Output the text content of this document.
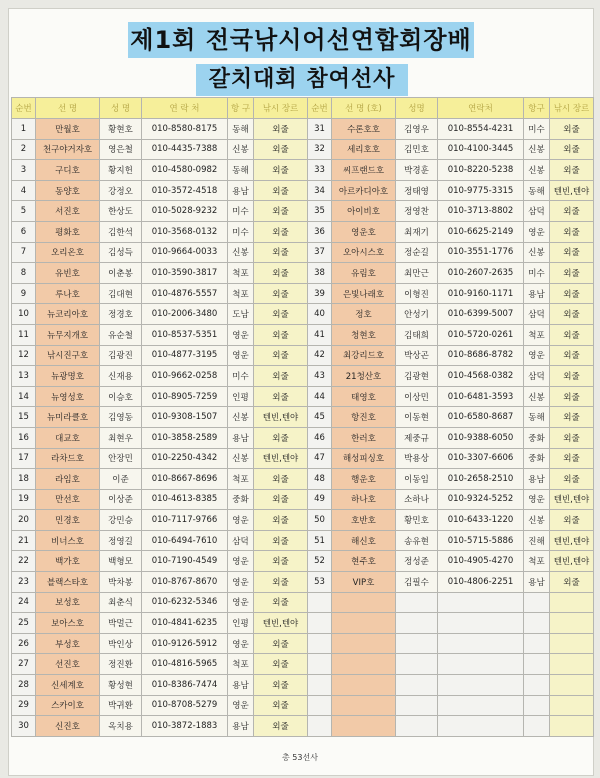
제1회 전국낚시어선연합회장배
갈치대회 참여선사
순번	선 명	성 명	연 락 처	항 구	낚시 장르	순번	선 명 (호)	성명	연락처	항구	낚시 장르
1	만월호	황현호	010-8580-8175	동해	외줄	31	수론호호	김영우	010-8554-4231	미수	외줄
2	천구야거자호	영은철	010-4435-7388	신봉	외줄	32	세리호호	김민호	010-4100-3445	신봉	외줄
3	구디호	황지헌	010-4580-0982	동해	외줄	33	씨프랜드호	박경훈	010-8220-5238	신봉	외줄
4	동양호	강정오	010-3572-4518	용남	외줄	34	아르카디아호	정태영	010-9775-3315	동해	텐빈,텐야
5	서진호	한상도	010-5028-9232	미수	외줄	35	아이비호	정영찬	010-3713-8802	삼덕	외줄
6	평화호	김한석	010-3568-0132	미수	외줄	36	영운호	최재기	010-6625-2149	영운	외줄
7	오리온호	김성득	010-9664-0033	신봉	외줄	37	오아시스호	정순길	010-3551-1776	신봉	외줄
8	유빈호	이춘봉	010-3590-3817	척포	외줄	38	유림호	최만근	010-2607-2635	미수	외줄
9	루나호	김대현	010-4876-5557	척포	외줄	39	은빛나래호	이형진	010-9160-1171	용남	외줄
10	뉴코리아호	정경호	010-2006-3480	도남	외줄	40	정호	안성기	010-6399-5007	삼덕	외줄
11	뉴무지개호	유순철	010-8537-5351	영운	외줄	41	청현호	김태희	010-5720-0261	척포	외줄
12	낚시진구호	김광진	010-4877-3195	영운	외줄	42	최강리드호	박상곤	010-8686-8782	영운	외줄
13	뉴광명호	신재용	010-9662-0258	미수	외줄	43	21청산호	김광현	010-4568-0382	삼덕	외줄
14	뉴영성호	이승호	010-8905-7259	인평	외줄	44	태영호	이상민	010-6481-3593	신봉	외줄
15	뉴미라클호	김영동	010-9308-1507	신봉	텐빈,텐야	45	항진호	이동현	010-6580-8687	동해	외줄
16	대교호	최현우	010-3858-2589	용남	외줄	46	한러호	제중규	010-9388-6050	중화	외줄
17	라차드호	안장민	010-2250-4342	신봉	텐빈,텐야	47	해성피싱호	박용상	010-3307-6606	중화	외줄
18	라임호	이준	010-8667-8696	척포	외줄	48	행운호	이동임	010-2658-2510	용남	외줄
19	만선호	이상준	010-4613-8385	중화	외줄	49	하나호	소하나	010-9324-5252	영운	텐빈,텐야
20	민경호	강민승	010-7117-9766	영운	외줄	50	호반호	황민호	010-6433-1220	신봉	외줄
21	비너스호	정영길	010-6494-7610	삼덕	외줄	51	해신호	송유현	010-5715-5886	진해	텐빈,텐야
22	백가호	백형모	010-7190-4549	영운	외줄	52	현주호	정성준	010-4905-4270	척포	텐빈,텐야
23	블랙스타호	박차봉	010-8767-8670	영운	외줄	53	VIP호	김필수	010-4806-2251	용남	외줄
24	보성호	최춘식	010-6232-5346	영운	외줄						
25	보아스호	박멀근	010-4841-6235	인평	텐빈,텐야						
26	부성호	박인상	010-9126-5912	영운	외줄						
27	선진호	정진환	010-4816-5965	척포	외줄						
28	신세계호	황성현	010-8386-7474	용남	외줄						
29	스카이호	박귀환	010-8708-5279	영운	외줄						
30	신진호	옥치용	010-3872-1883	용남	외줄						
총 53선사
